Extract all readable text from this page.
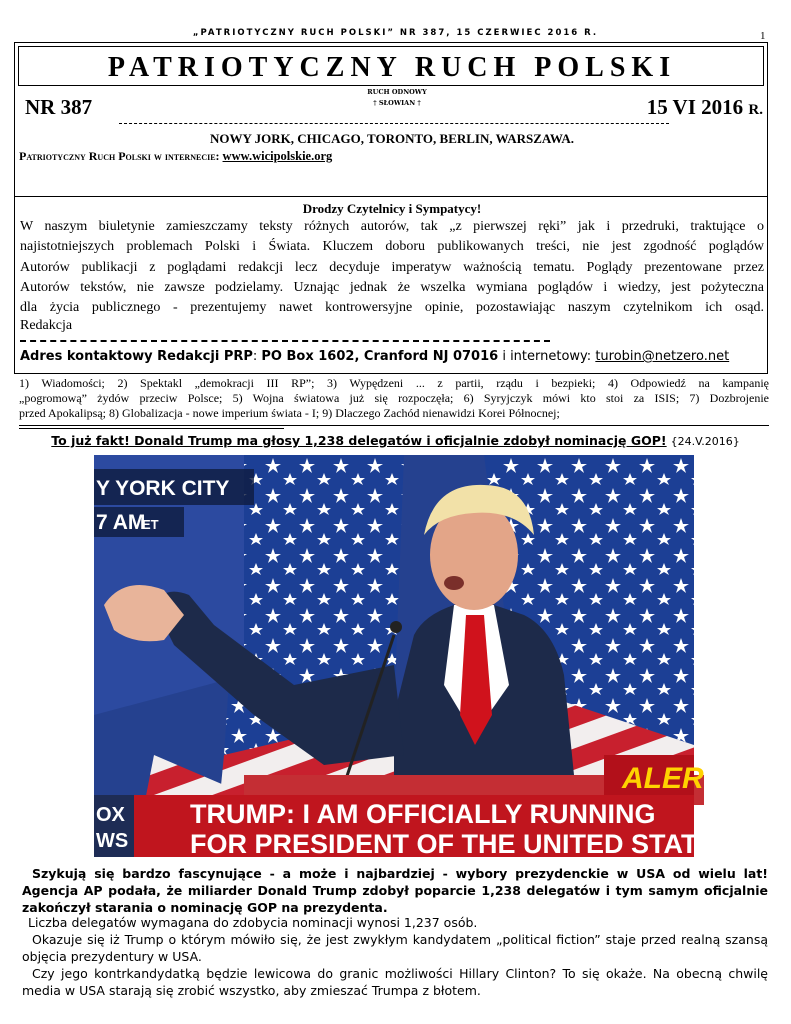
„PATRIOTYCZNY RUCH POLSKI” NR 387, 15 CZERWIEC 2016 R.	1
PATRIOTYCZNY RUCH POLSKI
NR 387
RUCH ODNOWY
† SŁOWIAN †	15 VI 2016 R.
NOWY JORK, CHICAGO, TORONTO, BERLIN, WARSZAWA.
Patriotyczny Ruch Polski w internecie: www.wicipolskie.org
Drodzy Czytelnicy i Sympatycy!
W naszym biuletynie zamieszczamy teksty różnych autorów, tak „z pierwszej ręki” jak i przedruki, traktujące o
najistotniejszych problemach Polski i Świata. Kluczem doboru publikowanych treści, nie jest zgodność poglądów
Autorów publikacji z poglądami redakcji lecz decyduje imperatyw ważnością tematu. Poglądy prezentowane przez
Autorów tekstów, nie zawsze podzielamy. Uznając jednak że wszelka wymiana poglądów i wiedzy, jest pożyteczna
dla życia publicznego - prezentujemy nawet kontrowersyjne opinie, pozostawiając naszym czytelnikom ich osąd.
Redakcja
Adres kontaktowy Redakcji PRP: PO Box 1602, Cranford NJ 07016 i internetowy: turobin@netzero.net
1) Wiadomości; 2) Spektakl „demokracji III RP”; 3) Wypędzeni ... z partii, rządu i bezpieki; 4) Odpowiedź na kampanię
„pogromową” żydów przeciw Polsce; 5) Wojna światowa już się rozpoczęła; 6) Syryjczyk mówi kto stoi za ISIS; 7) Dozbrojenie
przed Apokalipsą; 8) Globalizacja - nowe imperium świata - I; 9) Dlaczego Zachód nienawidzi Korei Północnej;
To już fakt! Donald Trump ma głosy 1,238 delegatów i oficjalnie zdobył nominację GOP! {24.V.2016}
ALER
OX
WS
TRUMP: I AM OFFICIALLY RUNNING
FOR PRESIDENT OF THE UNITED STATES
Y YORK CITY
7 AM
ET
Szykują się bardzo fascynujące - a może i najbardziej - wybory prezydenckie w USA od wielu lat!
Agencja AP podała, że miliarder Donald Trump zdobył poparcie 1,238 delegatów i tym samym oficjalnie
zakończył starania o nominację GOP na prezydenta.
Liczba delegatów wymagana do zdobycia nominacji wynosi 1,237 osób.
Okazuje się iż Trump o którym mówiło się, że jest zwykłym kandydatem „political fiction” staje przed realną szansą objęcia prezydentury w USA.
Czy jego kontrkandydatką będzie lewicowa do granic możliwości Hillary Clinton? To się okaże. Na obecną chwilę media w USA starają się zrobić wszystko, aby zmieszać Trumpa z błotem.
